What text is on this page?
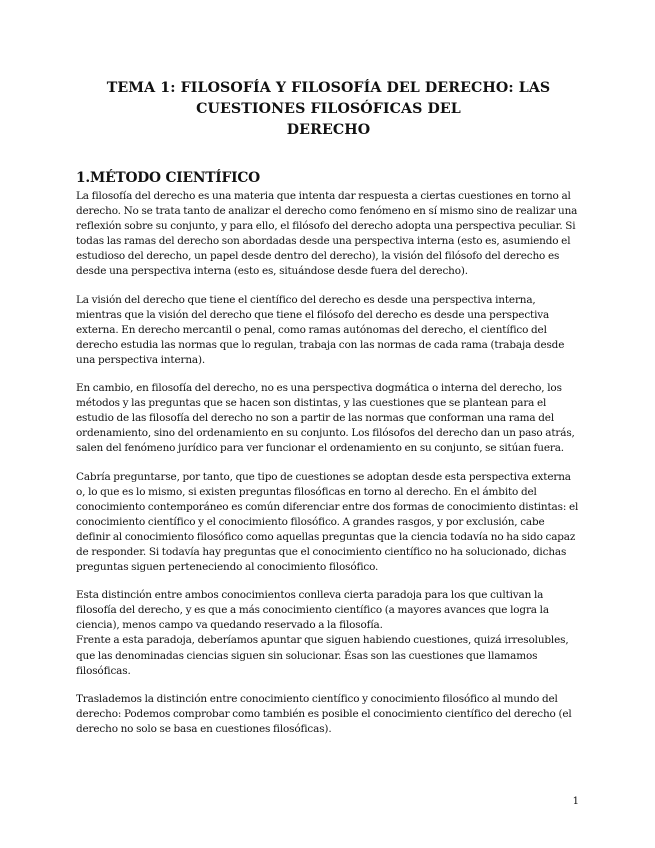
TEMA 1: FILOSOFÍA Y FILOSOFÍA DEL DERECHO: LAS
CUESTIONES FILOSÓFICAS DEL
DERECHO
1.MÉTODO CIENTÍFICO

La filosofía del derecho es una materia que intenta dar respuesta a ciertas cuestiones en torno al derecho. No se trata tanto de analizar el derecho como fenómeno en sí mismo sino de realizar una reflexión sobre su conjunto, y para ello, el filósofo del derecho adopta una perspectiva peculiar. Si todas las ramas del derecho son abordadas desde una perspectiva interna (esto es, asumiendo el estudioso del derecho, un papel desde dentro del derecho), la visión del filósofo del derecho es desde una perspectiva interna (esto es, situándose desde fuera del derecho).

La visión del derecho que tiene el científico del derecho es desde una perspectiva interna, mientras que la visión del derecho que tiene el filósofo del derecho es desde una perspectiva externa. En derecho mercantil o penal, como ramas autónomas del derecho, el científico del derecho estudia las normas que lo regulan, trabaja con las normas de cada rama (trabaja desde una perspectiva interna).

En cambio, en filosofía del derecho, no es una perspectiva dogmática o interna del derecho, los métodos y las preguntas que se hacen son distintas, y las cuestiones que se plantean para el estudio de las filosofía del derecho no son a partir de las normas que conforman una rama del ordenamiento, sino del ordenamiento en su conjunto. Los filósofos del derecho dan un paso atrás, salen del fenómeno jurídico para ver funcionar el ordenamiento en su conjunto, se sitúan fuera.

Cabría preguntarse, por tanto, que tipo de cuestiones se adoptan desde esta perspectiva externa o, lo que es lo mismo, si existen preguntas filosóficas en torno al derecho. En el ámbito del conocimiento contemporáneo es común diferenciar entre dos formas de conocimiento distintas: el conocimiento científico y el conocimiento filosófico. A grandes rasgos, y por exclusión, cabe definir al conocimiento filosófico como aquellas preguntas que la ciencia todavía no ha sido capaz de responder. Si todavía hay preguntas que el conocimiento científico no ha solucionado, dichas preguntas siguen perteneciendo al conocimiento filosófico.

Esta distinción entre ambos conocimientos conlleva cierta paradoja para los que cultivan la filosofía del derecho, y es que a más conocimiento científico (a mayores avances que logra la ciencia), menos campo va quedando reservado a la filosofía.

Frente a esta paradoja, deberíamos apuntar que siguen habiendo cuestiones, quizá irresolubles, que las denominadas ciencias siguen sin solucionar. Ésas son las cuestiones que llamamos filosóficas.

Traslademos la distinción entre conocimiento científico y conocimiento filosófico al mundo del derecho: Podemos comprobar como también es posible el conocimiento científico del derecho (el derecho no solo se basa en cuestiones filosóficas).

1
